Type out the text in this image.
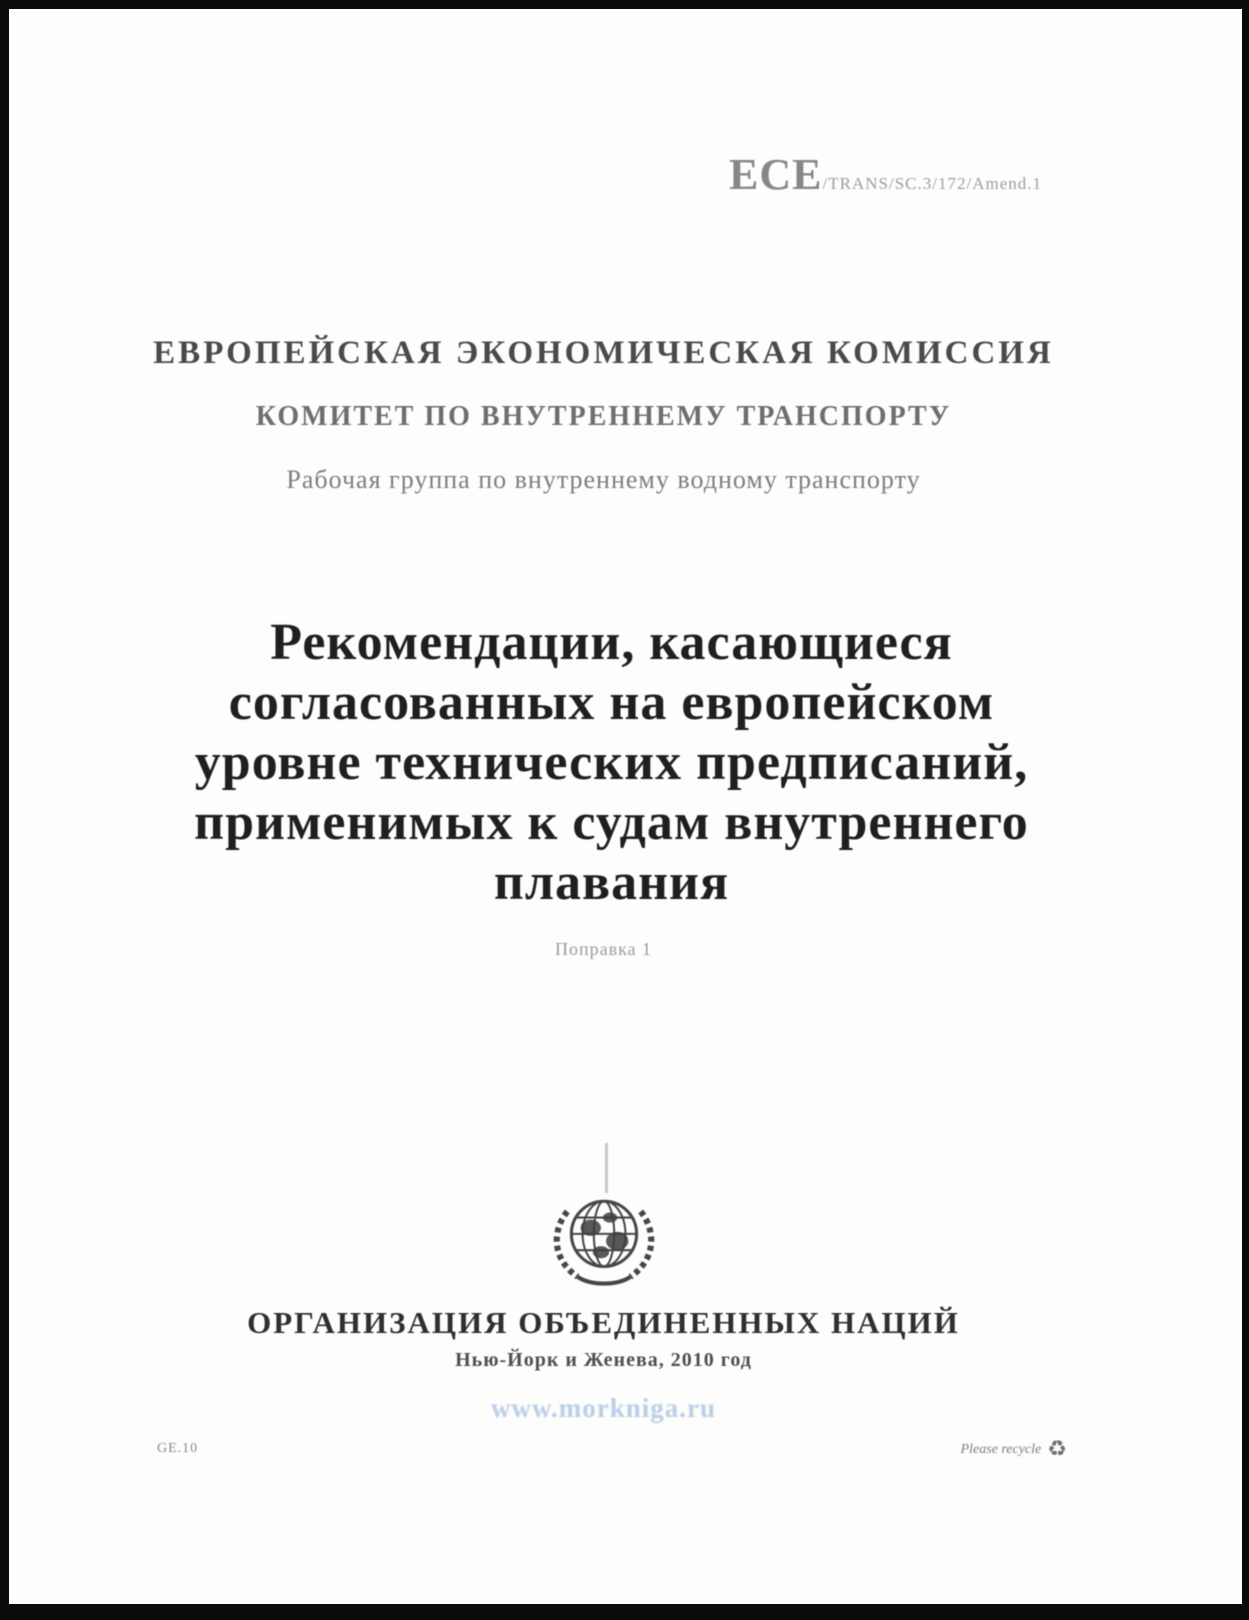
ECE/TRANS/SC.3/172/Amend.1
ЕВРОПЕЙСКАЯ ЭКОНОМИЧЕСКАЯ КОМИССИЯ
КОМИТЕТ ПО ВНУТРЕННЕМУ ТРАНСПОРТУ
Рабочая группа по внутреннему водному транспорту
Рекомендации, касающиеся
согласованных на европейском
уровне технических предписаний,
применимых к судам внутреннего
плавания
Поправка 1
ОРГАНИЗАЦИЯ ОБЪЕДИНЕННЫХ НАЦИЙ
Нью-Йорк и Женева, 2010 год
www.morkniga.ru
GE.10	Please recycle ♻
